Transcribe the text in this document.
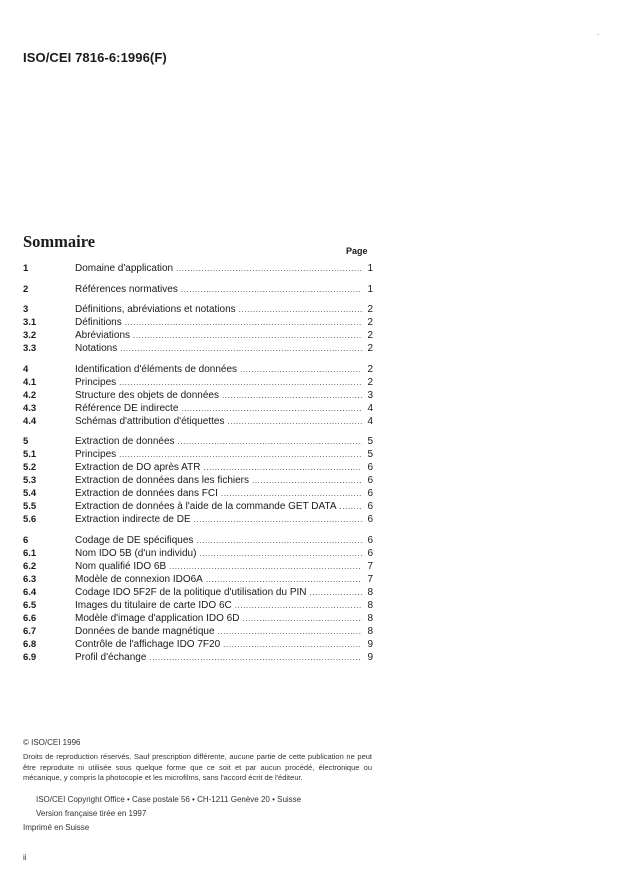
ISO/CEI 7816-6:1996(F)
.
Sommaire	Page
1	Domaine d'application .....	1
2	Références normatives .....	1
3	Définitions, abréviations et notations .....	2
3.1	Définitions .....	2
3.2	Abréviations .....	2
3.3	Notations .....	2
4	Identification d'éléments de données .....	2
4.1	Principes .....	2
4.2	Structure des objets de données .....	3
4.3	Référence DE indirecte .....	4
4.4	Schémas d'attribution d'étiquettes .....	4
5	Extraction de données .....	5
5.1	Principes .....	5
5.2	Extraction de DO après ATR .....	6
5.3	Extraction de données dans les fichiers .....	6
5.4	Extraction de données dans FCI .....	6
5.5	Extraction de données à l'aide de la commande GET DATA .....	6
5.6	Extraction indirecte de DE .....	6
6	Codage de DE spécifiques .....	6
6.1	Nom IDO 5B (d'un individu) .....	6
6.2	Nom qualifié IDO 6B .....	7
6.3	Modèle de connexion IDO6A .....	7
6.4	Codage IDO 5F2F de la politique d'utilisation du PIN .....	8
6.5	Images du titulaire de carte IDO 6C .....	8
6.6	Modèle d'image d'application IDO 6D .....	8
6.7	Données de bande magnétique .....	8
6.8	Contrôle de l'affichage IDO 7F20 .....	9
6.9	Profil d'échange .....	9
© ISO/CEI 1996
Droits de reproduction réservés. Sauf prescription différente, aucune partie de cette publication ne peut être reproduite ni utilisée sous quelque forme que ce soit et par aucun procédé, électronique ou mécanique, y compris la photocopie et les microfilms, sans l'accord écrit de l'éditeur.
ISO/CEI Copyright Office • Case postale 56 • CH-1211 Genève 20 • Suisse
Version française tirée en 1997
Imprimé en Suisse
ii
